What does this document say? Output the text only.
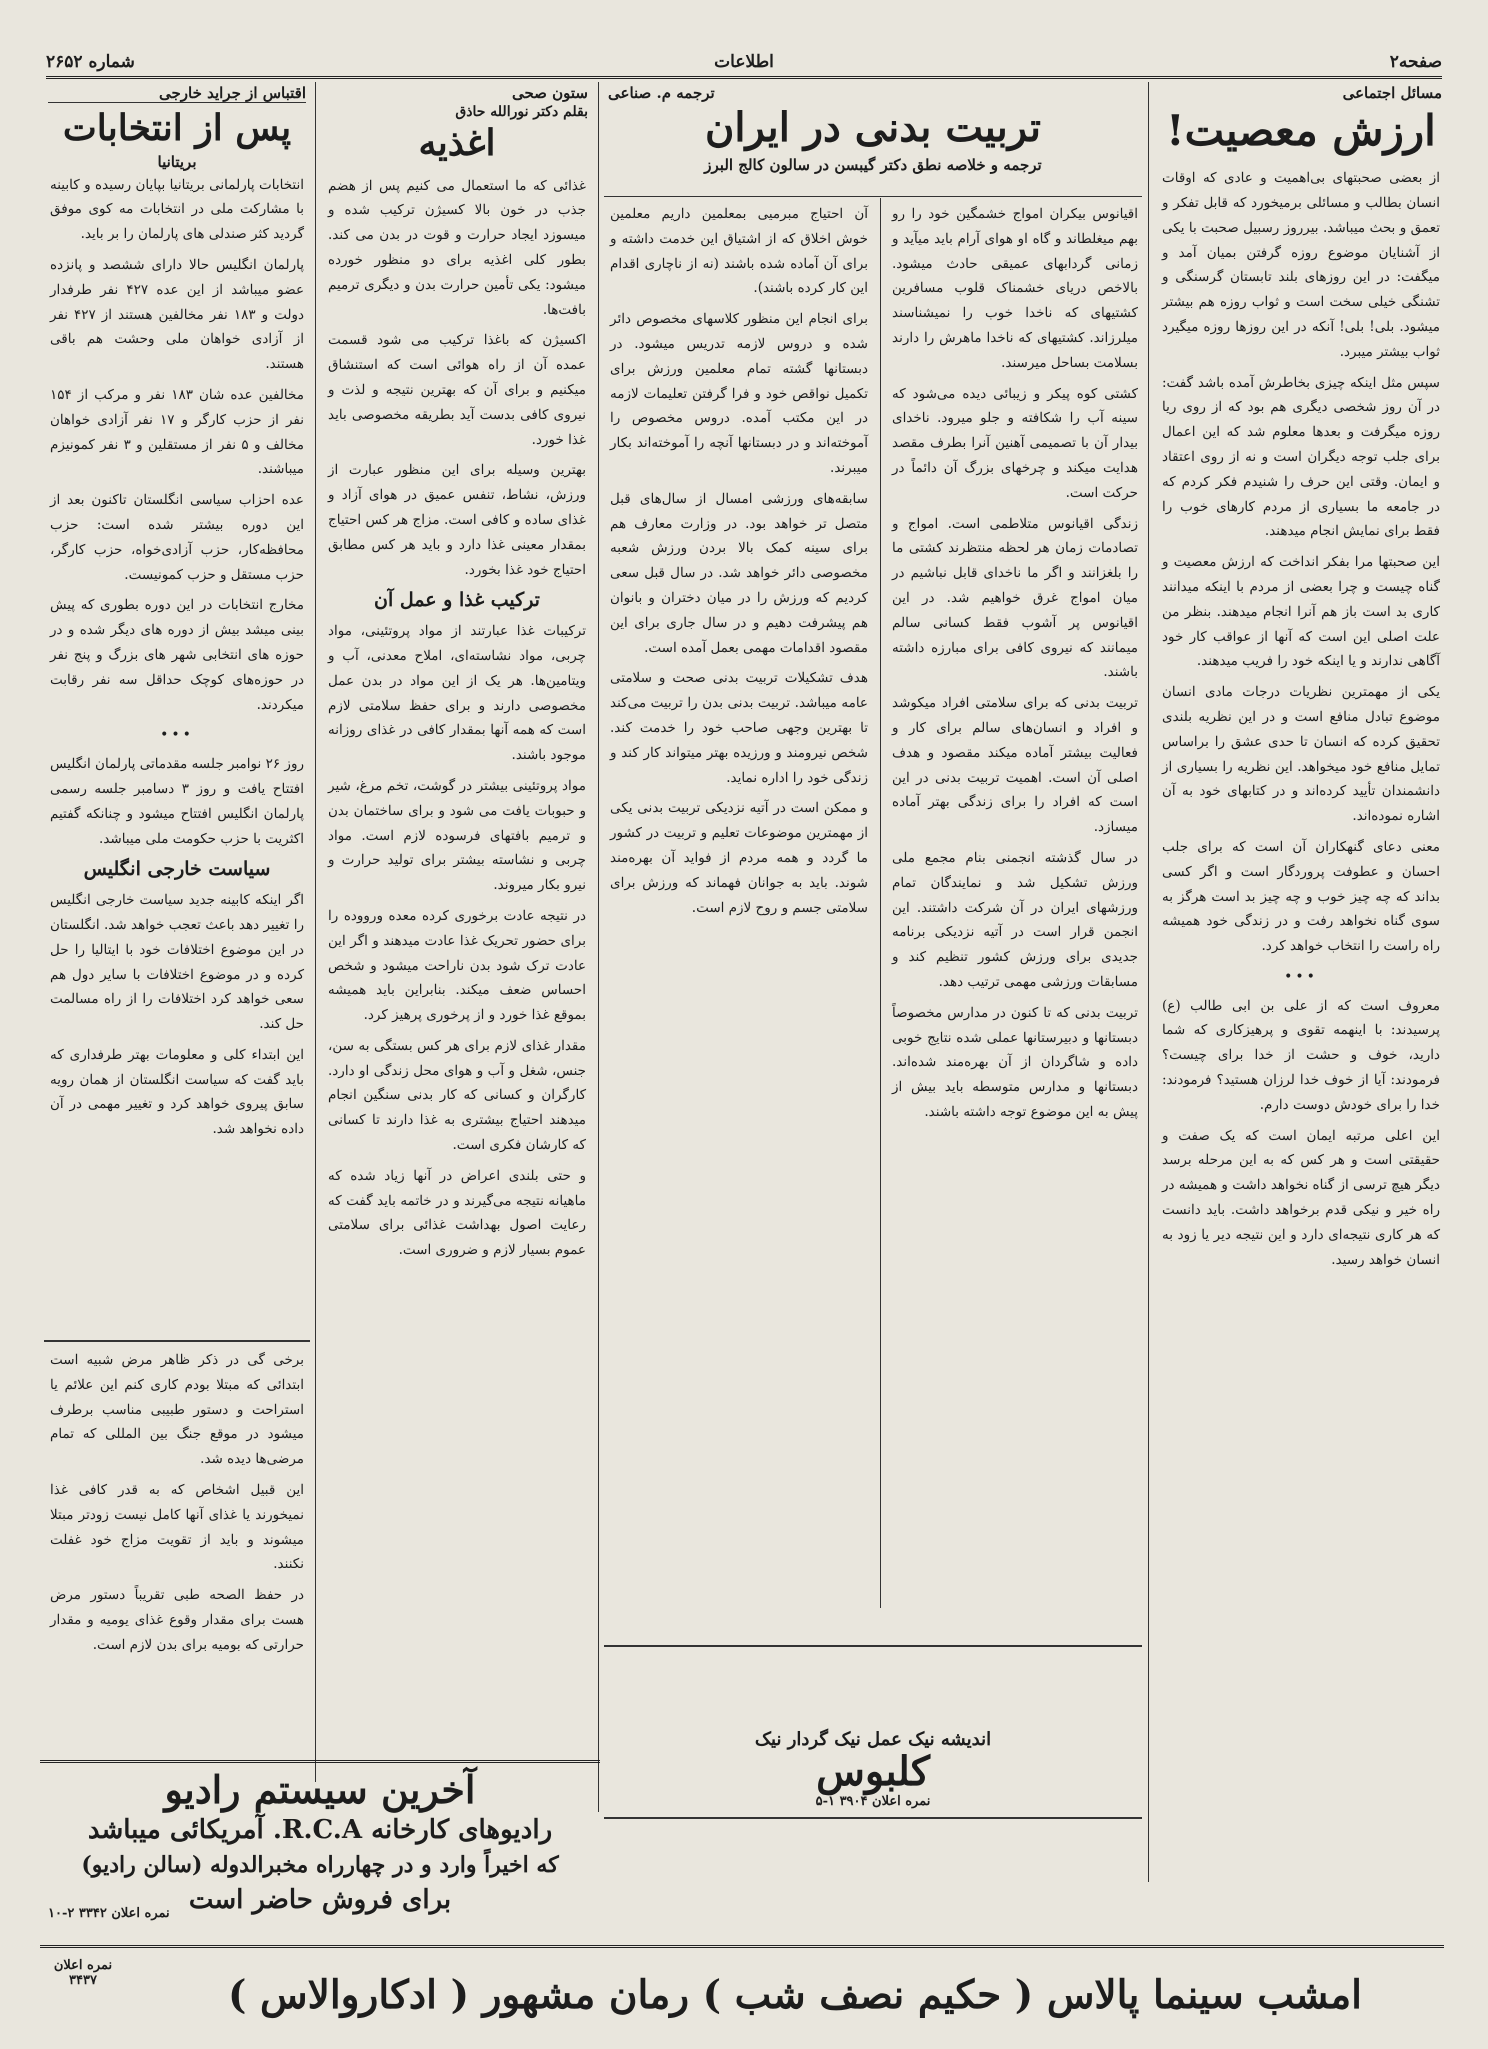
صفحه۲
اطلاعات
شماره ۲۶۵۲
مسائل اجتماعی
ارزش معصیت!

از بعضی صحبتهای بی‌اهمیت و عادی که اوقات انسان بطالب و مسائلی برمیخورد که قابل تفکر و تعمق و بحث میباشد. بیرروز رسبیل صحبت با یکی از آشنایان موضوع روزه گرفتن بمیان آمد و میگفت: در این روزهای بلند تابستان گرسنگی و تشنگی خیلی سخت است و ثواب روزه هم بیشتر میشود. بلی! بلی! آنکه در این روزها روزه میگیرد ثواب بیشتر میبرد.

سپس مثل اینکه چیزی بخاطرش آمده باشد گفت: در آن روز شخصی دیگری هم بود که از روی ریا روزه میگرفت و بعدها معلوم شد که این اعمال برای جلب توجه دیگران است و نه از روی اعتقاد و ایمان. وقتی این حرف را شنیدم فکر کردم که در جامعه ما بسیاری از مردم کارهای خوب را فقط برای نمایش انجام میدهند.

این صحبتها مرا بفکر انداخت که ارزش معصیت و گناه چیست و چرا بعضی از مردم با اینکه میدانند کاری بد است باز هم آنرا انجام میدهند. بنظر من علت اصلی این است که آنها از عواقب کار خود آگاهی ندارند و یا اینکه خود را فریب میدهند.

یکی از مهمترین نظریات درجات مادی انسان موضوع تبادل منافع است و در این نظریه بلندی تحقیق کرده که انسان تا حدی عشق را براساس تمایل منافع خود میخواهد. این نظریه را بسیاری از دانشمندان تأیید کرده‌اند و در کتابهای خود به آن اشاره نموده‌اند.

معنی دعای گنهکاران آن است که برای جلب احسان و عطوفت پروردگار است و اگر کسی بداند که چه چیز خوب و چه چیز بد است هرگز به سوی گناه نخواهد رفت و در زندگی خود همیشه راه راست را انتخاب خواهد کرد.

•••

معروف است که از علی بن ابی طالب (ع) پرسیدند: با اینهمه تقوی و پرهیزکاری که شما دارید، خوف و حشت از خدا برای چیست؟ فرمودند: آیا از خوف خدا لرزان هستید؟ فرمودند: خدا را برای خودش دوست دارم.

این اعلی مرتبه ایمان است که یک صفت و حقیقتی است و هر کس که به این مرحله برسد دیگر هیچ ترسی از گناه نخواهد داشت و همیشه در راه خیر و نیکی قدم برخواهد داشت. باید دانست که هر کاری نتیجه‌ای دارد و این نتیجه دیر یا زود به انسان خواهد رسید.

ترجمه م. صناعی
تربیت بدنی در ایران
ترجمه و خلاصه نطق دکتر گیبسن در سالون کالج البرز

اقیانوس بیکران امواج خشمگین خود را رو بهم میغلطاند و گاه او هوای آرام باید میآید و زمانی گردابهای عمیقی حادث میشود. بالاخص دریای خشمناک قلوب مسافرین کشتیهای که ناخدا خوب را نمیشناسند میلرزاند. کشتیهای که ناخدا ماهرش را دارند بسلامت بساحل میرسند.

کشتی کوه پیکر و زیبائی دیده می‌شود که سینه آب را شکافته و جلو میرود. ناخدای بیدار آن با تصمیمی آهنین آنرا بطرف مقصد هدایت میکند و چرخهای بزرگ آن دائماً در حرکت است.

زندگی اقیانوس متلاطمی است. امواج و تصادمات زمان هر لحظه منتظرند کشتی ما را بلغزانند و اگر ما ناخدای قابل نباشیم در میان امواج غرق خواهیم شد. در این اقیانوس پر آشوب فقط کسانی سالم میمانند که نیروی کافی برای مبارزه داشته باشند.

تربیت بدنی که برای سلامتی افراد میکوشد و افراد و انسان‌های سالم برای کار و فعالیت بیشتر آماده میکند مقصود و هدف اصلی آن است. اهمیت تربیت بدنی در این است که افراد را برای زندگی بهتر آماده میسازد.

در سال گذشته انجمنی بنام مجمع ملی ورزش تشکیل شد و نمایندگان تمام ورزشهای ایران در آن شرکت داشتند. این انجمن قرار است در آتیه نزدیکی برنامه جدیدی برای ورزش کشور تنظیم کند و مسابقات ورزشی مهمی ترتیب دهد.

تربیت بدنی که تا کنون در مدارس مخصوصاً دبستانها و دبیرستانها عملی شده نتایج خوبی داده و شاگردان از آن بهره‌مند شده‌اند. دبستانها و مدارس متوسطه باید بیش از پیش به این موضوع توجه داشته باشند.

آن احتیاج مبرمیی بمعلمین داریم معلمین خوش اخلاق که از اشتیاق این خدمت داشته و برای آن آماده شده باشند (نه از ناچاری اقدام این کار کرده باشند).

برای انجام این منظور کلاسهای مخصوص دائر شده و دروس لازمه تدریس میشود. در دبستانها گشته تمام معلمین ورزش برای تکمیل نواقص خود و فرا گرفتن تعلیمات لازمه در این مکتب آمده. دروس مخصوص را آموخته‌اند و در دبستانها آنچه را آموخته‌اند بکار میبرند.

سابقه‌های ورزشی امسال از سال‌های قبل متصل تر خواهد بود. در وزارت معارف هم برای سینه کمک بالا بردن ورزش شعبه مخصوصی دائر خواهد شد. در سال قبل سعی کردیم که ورزش را در میان دختران و بانوان هم پیشرفت دهیم و در سال جاری برای این مقصود اقدامات مهمی بعمل آمده است.

هدف تشکیلات تربیت بدنی صحت و سلامتی عامه میباشد. تربیت بدنی بدن را تربیت می‌کند تا بهترین وجهی صاحب خود را خدمت کند. شخص نیرومند و ورزیده بهتر میتواند کار کند و زندگی خود را اداره نماید.

و ممکن است در آتیه نزدیکی تربیت بدنی یکی از مهمترین موضوعات تعلیم و تربیت در کشور ما گردد و همه مردم از فواید آن بهره‌مند شوند. باید به جوانان فهماند که ورزش برای سلامتی جسم و روح لازم است.

ستون صحی
بقلم دکتر نورالله حاذق
اغذیه

غذائی که ما استعمال می کنیم پس از هضم جذب در خون بالا کسیژن ترکیب شده و میسوزد ایجاد حرارت و قوت در بدن می کند. بطور کلی اغذیه برای دو منظور خورده میشود: یکی تأمین حرارت بدن و دیگری ترمیم بافت‌ها.

اکسیژن که باغذا ترکیب می شود قسمت عمده آن از راه هوائی است که استنشاق میکنیم و برای آن که بهترین نتیجه و لذت و نیروی کافی بدست آید بطریقه مخصوصی باید غذا خورد.

بهترین وسیله برای این منظور عبارت از ورزش، نشاط، تنفس عمیق در هوای آزاد و غذای ساده و کافی است. مزاج هر کس احتیاج بمقدار معینی غذا دارد و باید هر کس مطابق احتیاج خود غذا بخورد.

ترکیب غذا و عمل آن

ترکیبات غذا عبارتند از مواد پروتئینی، مواد چربی، مواد نشاسته‌ای، املاح معدنی، آب و ویتامین‌ها. هر یک از این مواد در بدن عمل مخصوصی دارند و برای حفظ سلامتی لازم است که همه آنها بمقدار کافی در غذای روزانه موجود باشند.

مواد پروتئینی بیشتر در گوشت، تخم مرغ، شیر و حبوبات یافت می شود و برای ساختمان بدن و ترمیم بافتهای فرسوده لازم است. مواد چربی و نشاسته بیشتر برای تولید حرارت و نیرو بکار میروند.

در نتیجه عادت برخوری کرده معده ورووده را برای حضور تحریک غذا عادت میدهند و اگر این عادت ترک شود بدن ناراحت میشود و شخص احساس ضعف میکند. بنابراین باید همیشه بموقع غذا خورد و از پرخوری پرهیز کرد.

مقدار غذای لازم برای هر کس بستگی به سن، جنس، شغل و آب و هوای محل زندگی او دارد. کارگران و کسانی که کار بدنی سنگین انجام میدهند احتیاج بیشتری به غذا دارند تا کسانی که کارشان فکری است.

و حتی بلندی اعراض در آنها زیاد شده که ماهیانه نتیجه می‌گیرند و در خاتمه باید گفت که رعایت اصول بهداشت غذائی برای سلامتی عموم بسیار لازم و ضروری است.

اقتباس از جراید خارجی
پس از انتخابات
بریتانیا

انتخابات پارلمانی بریتانیا بپایان رسیده و کابینه با مشارکت ملی در انتخابات مه کوی موفق گردید کثر صندلی های پارلمان را بر باید.

پارلمان انگلیس حالا دارای ششصد و پانزده عضو میباشد از این عده ۴۲۷ نفر طرفدار دولت و ۱۸۳ نفر مخالفین هستند از ۴۲۷ نفر از آزادی خواهان ملی وحشت هم باقی هستند.

مخالفین عده شان ۱۸۳ نفر و مرکب از ۱۵۴ نفر از حزب کارگر و ۱۷ نفر آزادی خواهان مخالف و ۵ نفر از مستقلین و ۳ نفر کمونیزم میباشند.

عده احزاب سیاسی انگلستان تاکنون بعد از این دوره بیشتر شده است: حزب محافظه‌کار، حزب آزادی‌خواه، حزب کارگر، حزب مستقل و حزب کمونیست.

مخارج انتخابات در این دوره بطوری که پیش بینی میشد بیش از دوره های دیگر شده و در حوزه های انتخابی شهر های بزرگ و پنج نفر در حوزه‌های کوچک حداقل سه نفر رقابت میکردند.

•••

روز ۲۶ نوامبر جلسه مقدماتی پارلمان انگلیس افتتاح یافت و روز ۳ دسامبر جلسه رسمی پارلمان انگلیس افتتاح میشود و چنانکه گفتیم اکثریت با حزب حکومت ملی میباشد.

سیاست خارجی انگلیس

اگر اینکه کابینه جدید سیاست خارجی انگلیس را تغییر دهد باعث تعجب خواهد شد. انگلستان در این موضوع اختلافات خود با ایتالیا را حل کرده و در موضوع اختلافات با سایر دول هم سعی خواهد کرد اختلافات را از راه مسالمت حل کند.

این ابتداء کلی و معلومات بهتر طرفداری که باید گفت که سیاست انگلستان از همان رویه سابق پیروی خواهد کرد و تغییر مهمی در آن داده نخواهد شد.

برخی گی در ذکر ظاهر مرض شبیه است ابتدائی که مبتلا بودم کاری کنم این علائم یا استراحت و دستور طبیبی مناسب برطرف میشود در موقع جنگ بین المللی که تمام مرضی‌ها دیده شد.

این قبیل اشخاص که به قدر کافی غذا نمیخورند یا غذای آنها کامل نیست زودتر مبتلا میشوند و باید از تقویت مزاج خود غفلت نکنند.

در حفظ الصحه طبی تقریباً دستور مرض هست برای مقدار وقوع غذای یومیه و مقدار حرارتی که بومیه برای بدن لازم است.

اندیشه نیک عمل نیک گردار نیک
کلبوس
نمره اعلان ۳۹۰۴ ۱-۵
آخرین سیستم رادیو
رادیوهای کارخانه R.C.A. آمریکائی میباشد
که اخیراً وارد و در چهارراه مخبرالدوله (سالن رادیو)
برای فروش حاضر است
نمره اعلان ۳۳۴۲ ۲-۱۰
امشب سینما پالاس ( حکیم نصف شب ) رمان مشهور ( ادکاروالاس )
نمره اعلان
۳۴۳۷
